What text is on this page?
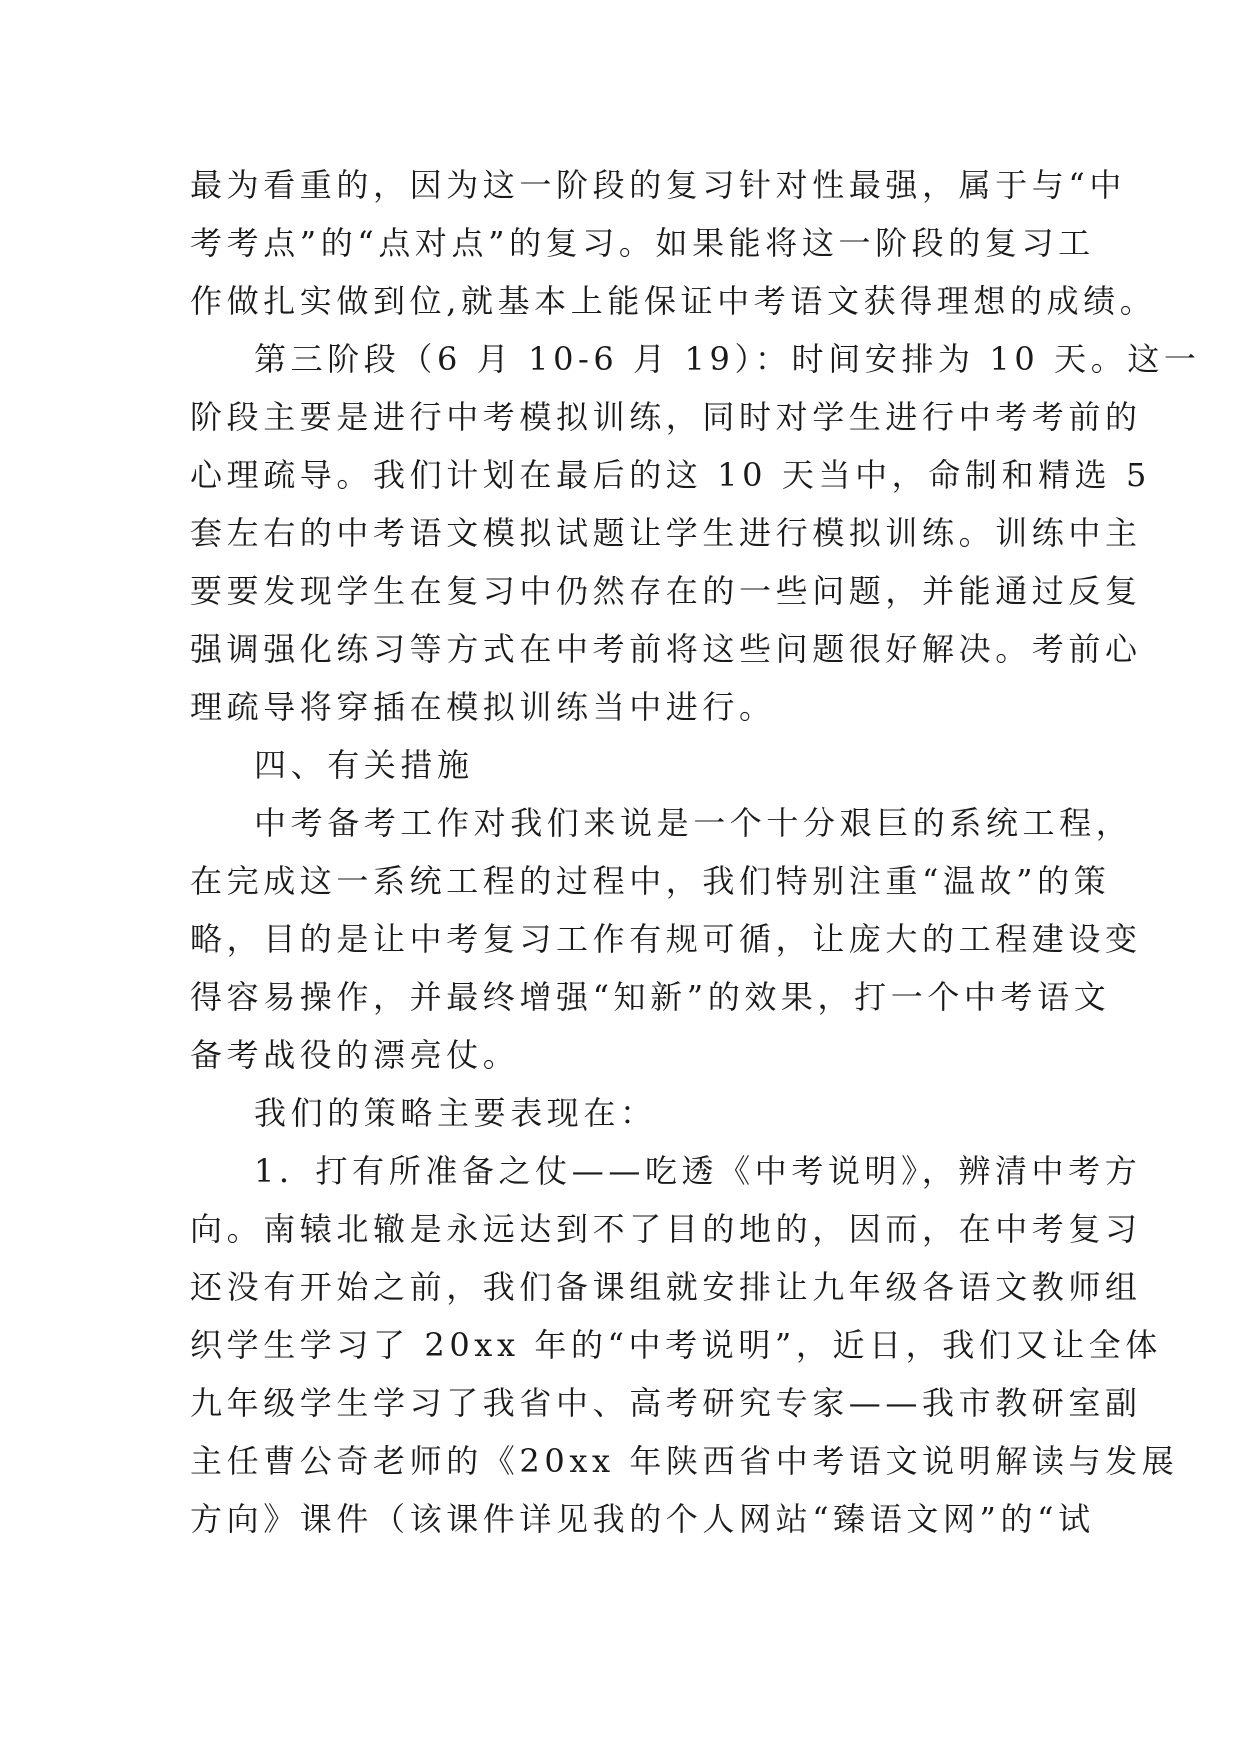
最为看重的，因为这一阶段的复习针对性最强，属于与“中
考考点”的“点对点”的复习。如果能将这一阶段的复习工
作做扎实做到位,就基本上能保证中考语文获得理想的成绩。
第三阶段（6 月 10-6 月 19）：时间安排为 10 天。这一
阶段主要是进行中考模拟训练，同时对学生进行中考考前的
心理疏导。我们计划在最后的这 10 天当中，命制和精选 5
套左右的中考语文模拟试题让学生进行模拟训练。训练中主
要要发现学生在复习中仍然存在的一些问题，并能通过反复
强调强化练习等方式在中考前将这些问题很好解决。考前心
理疏导将穿插在模拟训练当中进行。
四、有关措施
中考备考工作对我们来说是一个十分艰巨的系统工程，
在完成这一系统工程的过程中，我们特别注重“温故”的策
略，目的是让中考复习工作有规可循，让庞大的工程建设变
得容易操作，并最终增强“知新”的效果，打一个中考语文
备考战役的漂亮仗。
我们的策略主要表现在：
1．打有所准备之仗——吃透《中考说明》，辨清中考方
向。南辕北辙是永远达到不了目的地的，因而，在中考复习
还没有开始之前，我们备课组就安排让九年级各语文教师组
织学生学习了 20xx 年的“中考说明”，近日，我们又让全体
九年级学生学习了我省中、高考研究专家——我市教研室副
主任曹公奇老师的《20xx 年陕西省中考语文说明解读与发展
方向》课件（该课件详见我的个人网站“臻语文网”的“试
